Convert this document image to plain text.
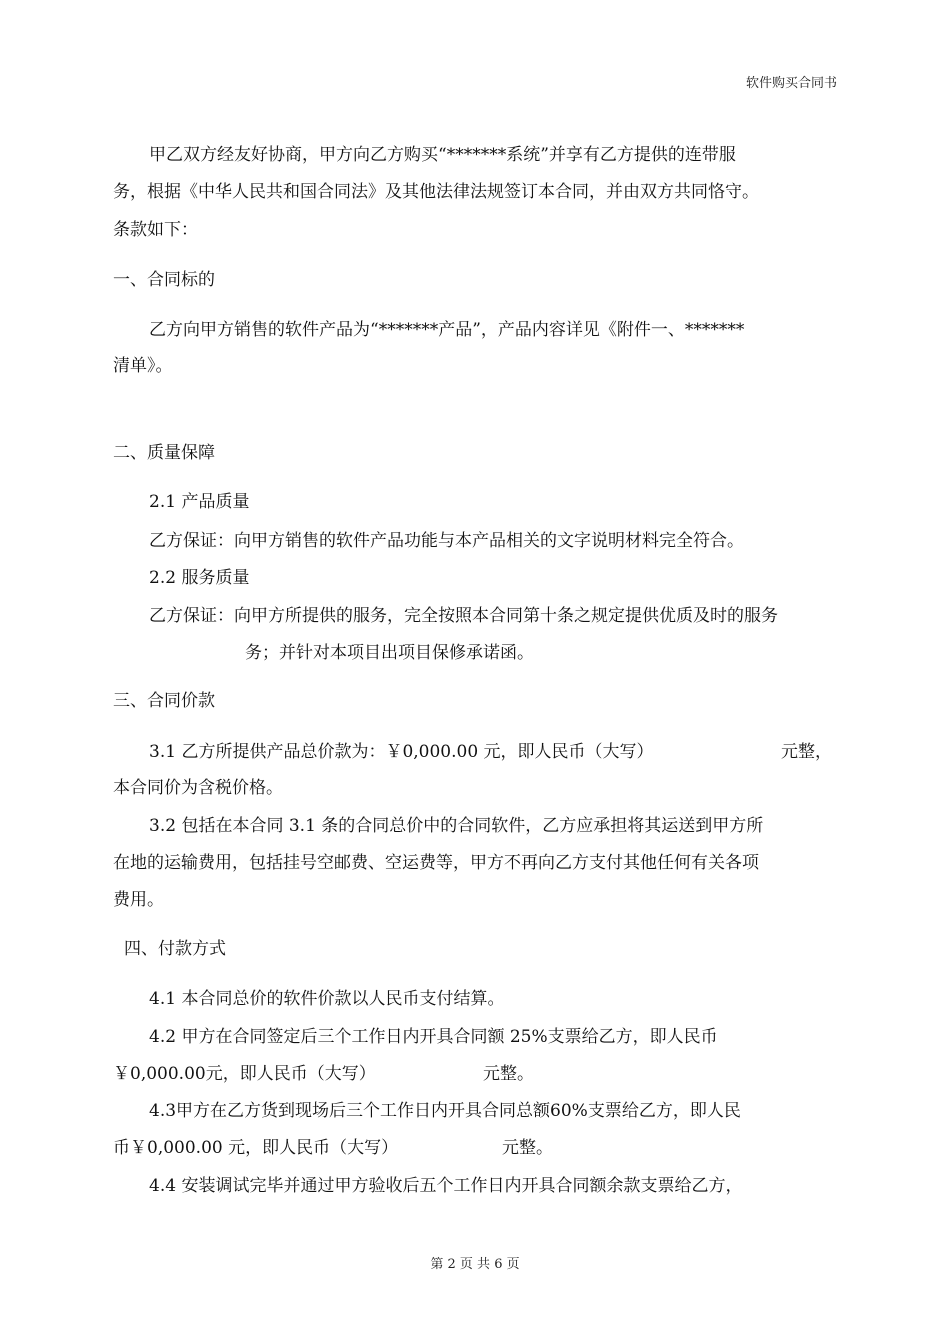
软件购买合同书
甲乙双方经友好协商，甲方向乙方购买“*******系统”并享有乙方提供的连带服
务，根据《中华人民共和国合同法》及其他法律法规签订本合同，并由双方共同恪守。
条款如下：
一、合同标的
乙方向甲方销售的软件产品为“*******产品”，产品内容详见《附件一、*******
清单》。
二、质量保障
2.1 产品质量
乙方保证：向甲方销售的软件产品功能与本产品相关的文字说明材料完全符合。
2.2 服务质量
乙方保证：向甲方所提供的服务，完全按照本合同第十条之规定提供优质及时的服务
务；并针对本项目出项目保修承诺函。
三、合同价款
3.1 乙方所提供产品总价款为：￥0,000.00 元，即人民币（大写）	元整，
本合同价为含税价格。
3.2 包括在本合同 3.1 条的合同总价中的合同软件，乙方应承担将其运送到甲方所
在地的运输费用，包括挂号空邮费、空运费等，甲方不再向乙方支付其他任何有关各项
费用。
四、付款方式
4.1 本合同总价的软件价款以人民币支付结算。
4.2 甲方在合同签定后三个工作日内开具合同额 25%支票给乙方，即人民币
￥0,000.00元，即人民币（大写）	元整。
4.3甲方在乙方货到现场后三个工作日内开具合同总额60%支票给乙方，即人民
币￥0,000.00 元，即人民币（大写）	元整。
4.4 安装调试完毕并通过甲方验收后五个工作日内开具合同额余款支票给乙方，
第 2 页 共 6 页
